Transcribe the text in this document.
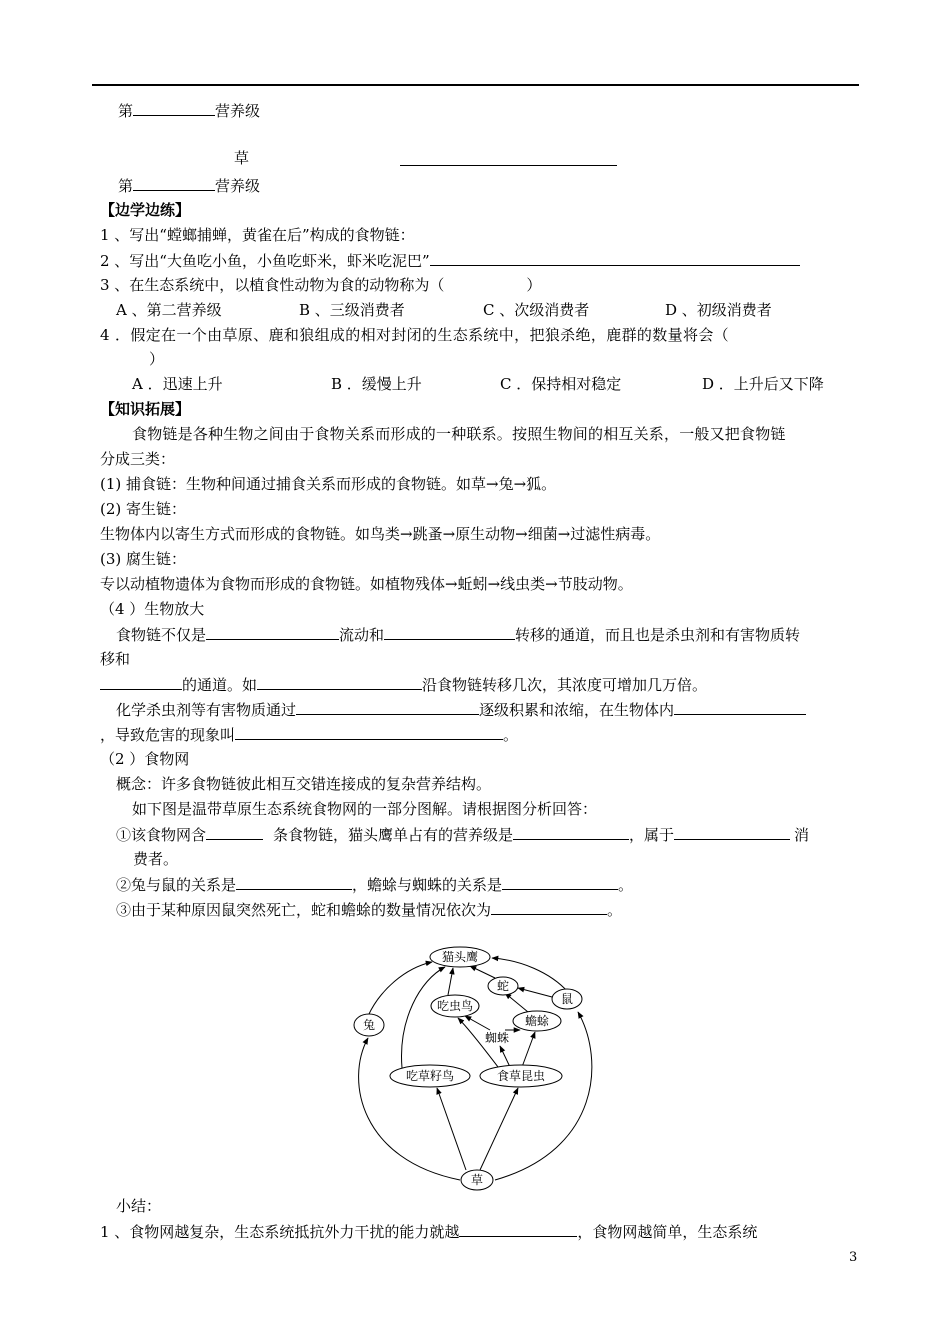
第	营养级
草
第	营养级
【边学边练】
1 、写出“螳螂捕蝉，黄雀在后”构成的食物链：
2 、写出“大鱼吃小鱼，小鱼吃虾米，虾米吃泥巴”
3 、在生态系统中，以植食性动物为食的动物称为（	）
A 、第二营养级	B 、三级消费者	C 、次级消费者	D 、初级消费者
4 ．假定在一个由草原、鹿和狼组成的相对封闭的生态系统中，把狼杀绝，鹿群的数量将会（
）
A ．迅速上升	B ．缓慢上升	C ．保持相对稳定	D ．上升后又下降
【知识拓展】
食物链是各种生物之间由于食物关系而形成的一种联系。按照生物间的相互关系，一般又把食物链
分成三类：
(1) 捕食链：生物种间通过捕食关系而形成的食物链。如草→兔→狐。
(2) 寄生链：
生物体内以寄生方式而形成的食物链。如鸟类→跳蚤→原生动物→细菌→过滤性病毒。
(3) 腐生链：
专以动植物遗体为食物而形成的食物链。如植物残体→蚯蚓→线虫类→节肢动物。
（4 ）生物放大
食物链不仅是	流动和	转移的通道，而且也是杀虫剂和有害物质转
移和
的通道。如	沿食物链转移几次，其浓度可增加几万倍。
化学杀虫剂等有害物质通过	逐级积累和浓缩，在生物体内
，导致危害的现象叫	。
（2 ）食物网
概念：许多食物链彼此相互交错连接成的复杂营养结构。
如下图是温带草原生态系统食物网的一部分图解。请根据图分析回答：
①该食物网含	条食物链，猫头鹰单占有的营养级是	，属于	消
费者。
②兔与鼠的关系是	，蟾蜍与蜘蛛的关系是	。
③由于某种原因鼠突然死亡，蛇和蟾蜍的数量情况依次为	。
猫头鹰
蛇
鼠
兔
吃虫鸟
蟾蜍
蜘蛛
吃草籽鸟	食草昆虫
草
小结：
1 、食物网越复杂，生态系统抵抗外力干扰的能力就越	，食物网越简单，生态系统
3
